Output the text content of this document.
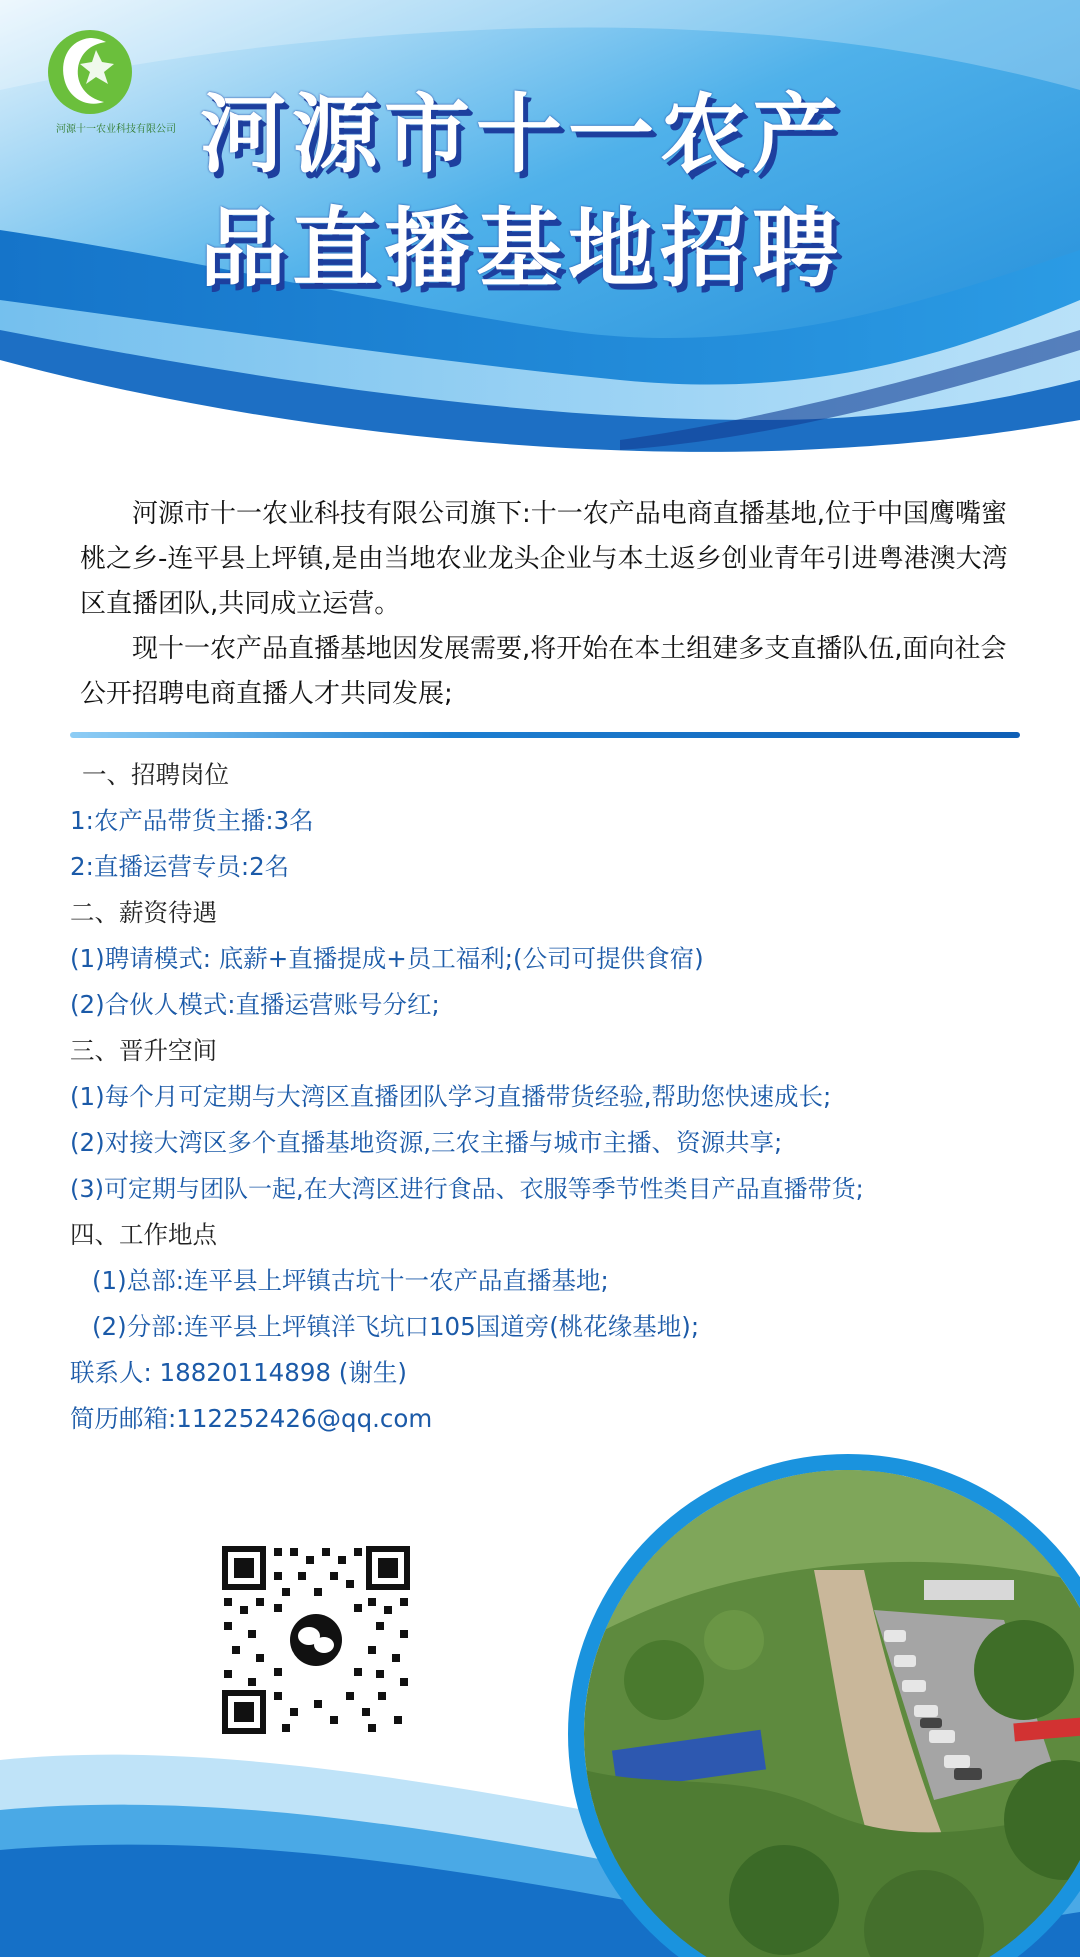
河源十一农业科技有限公司 河源市十一农产
品直播基地招聘

河源市十一农业科技有限公司旗下:十一农产品电商直播基地,位于中国鹰嘴蜜桃之乡-连平县上坪镇,是由当地农业龙头企业与本土返乡创业青年引进粤港澳大湾区直播团队,共同成立运营。

现十一农产品直播基地因发展需要,将开始在本土组建多支直播队伍,面向社会公开招聘电商直播人才共同发展;

一、招聘岗位
1:农产品带货主播:3名
2:直播运营专员:2名
二、薪资待遇
(1)聘请模式: 底薪+直播提成+员工福利;(公司可提供食宿)
(2)合伙人模式:直播运营账号分红;
三、晋升空间
(1)每个月可定期与大湾区直播团队学习直播带货经验,帮助您快速成长;
(2)对接大湾区多个直播基地资源,三农主播与城市主播、资源共享;
(3)可定期与团队一起,在大湾区进行食品、衣服等季节性类目产品直播带货;
四、工作地点
(1)总部:连平县上坪镇古坑十一农产品直播基地;
(2)分部:连平县上坪镇洋飞坑口105国道旁(桃花缘基地);
联系人: 18820114898 (谢生)
简历邮箱:112252426@qq.com
